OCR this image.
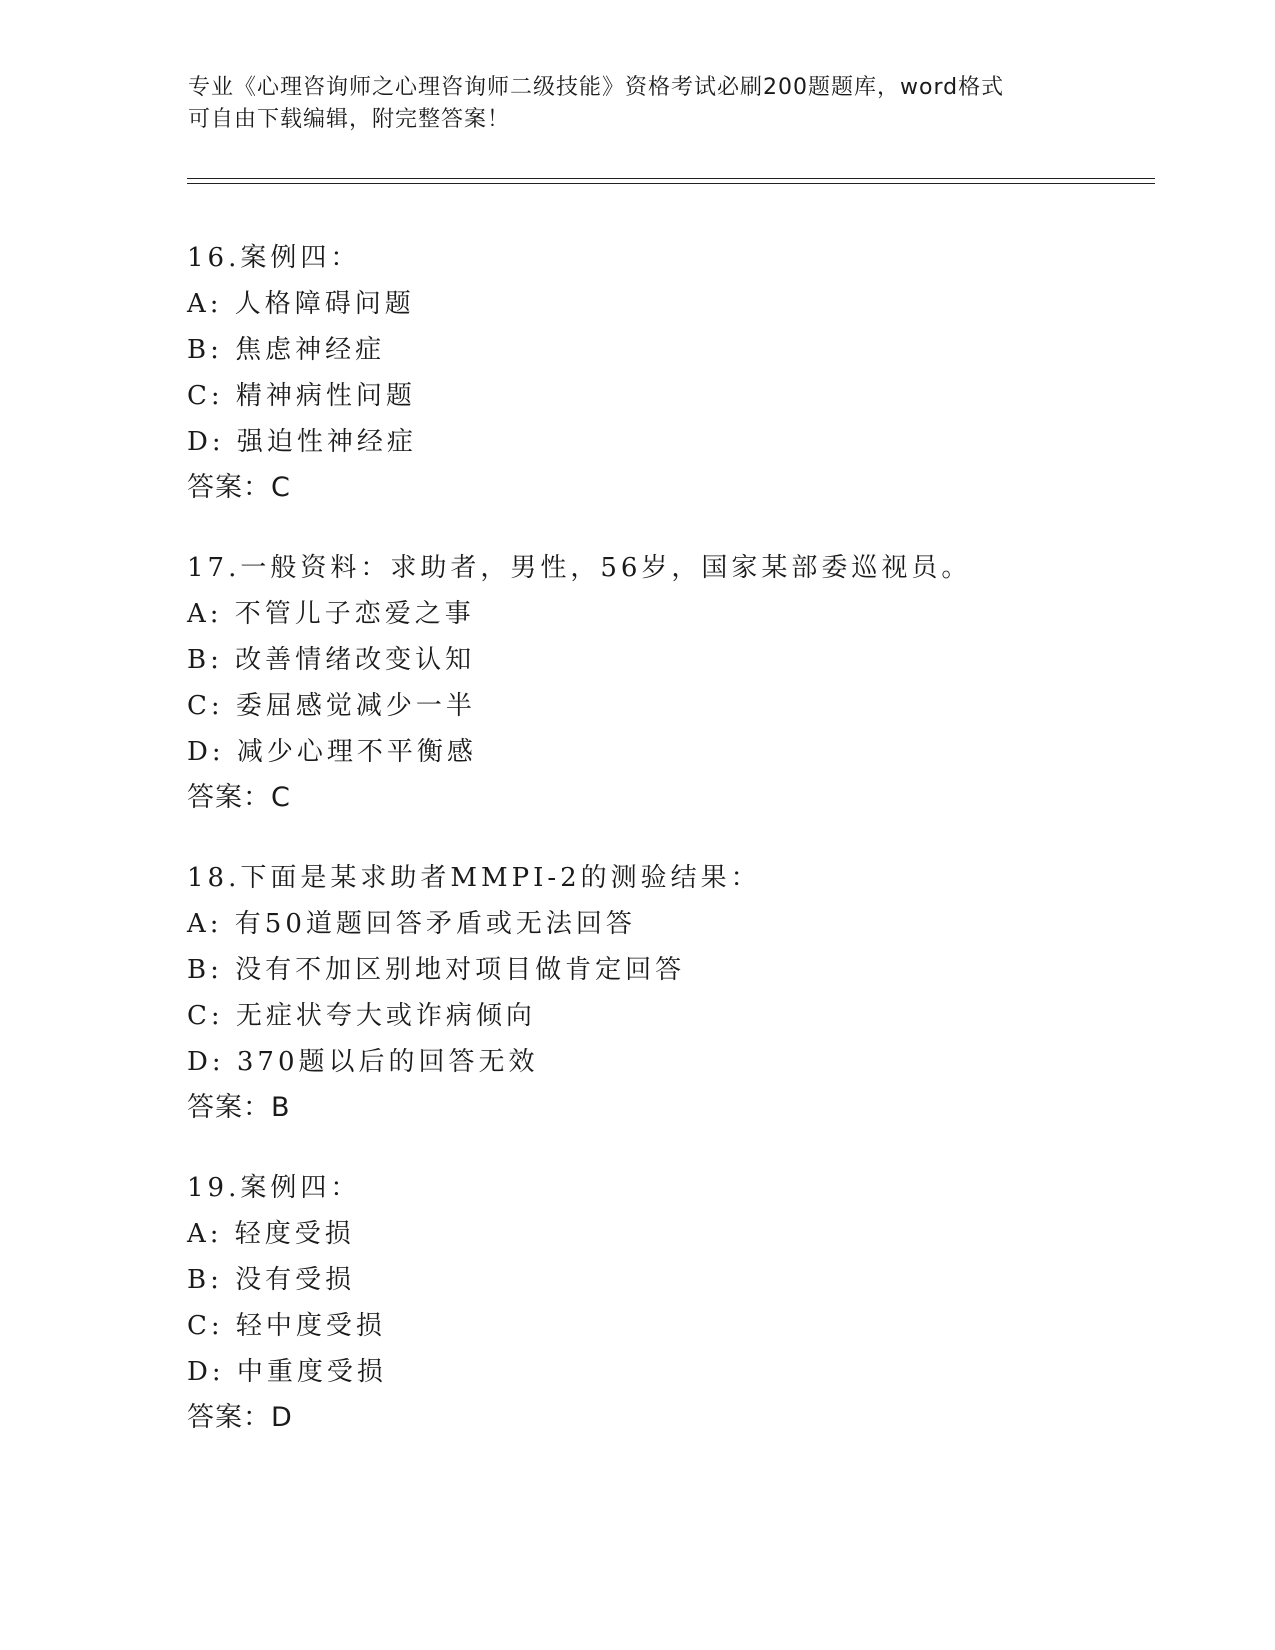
专业《心理咨询师之心理咨询师二级技能》资格考试必刷200题题库，word格式
可自由下载编辑，附完整答案！
16.案例四：
A: 人格障碍问题
B: 焦虑神经症
C: 精神病性问题
D: 强迫性神经症
答案：C
17.一般资料：求助者，男性，56岁，国家某部委巡视员。
A: 不管儿子恋爱之事
B: 改善情绪改变认知
C: 委屈感觉减少一半
D: 减少心理不平衡感
答案：C
18.下面是某求助者MMPI-2的测验结果：
A: 有50道题回答矛盾或无法回答
B: 没有不加区别地对项目做肯定回答
C: 无症状夸大或诈病倾向
D: 370题以后的回答无效
答案：B
19.案例四：
A: 轻度受损
B: 没有受损
C: 轻中度受损
D: 中重度受损
答案：D
